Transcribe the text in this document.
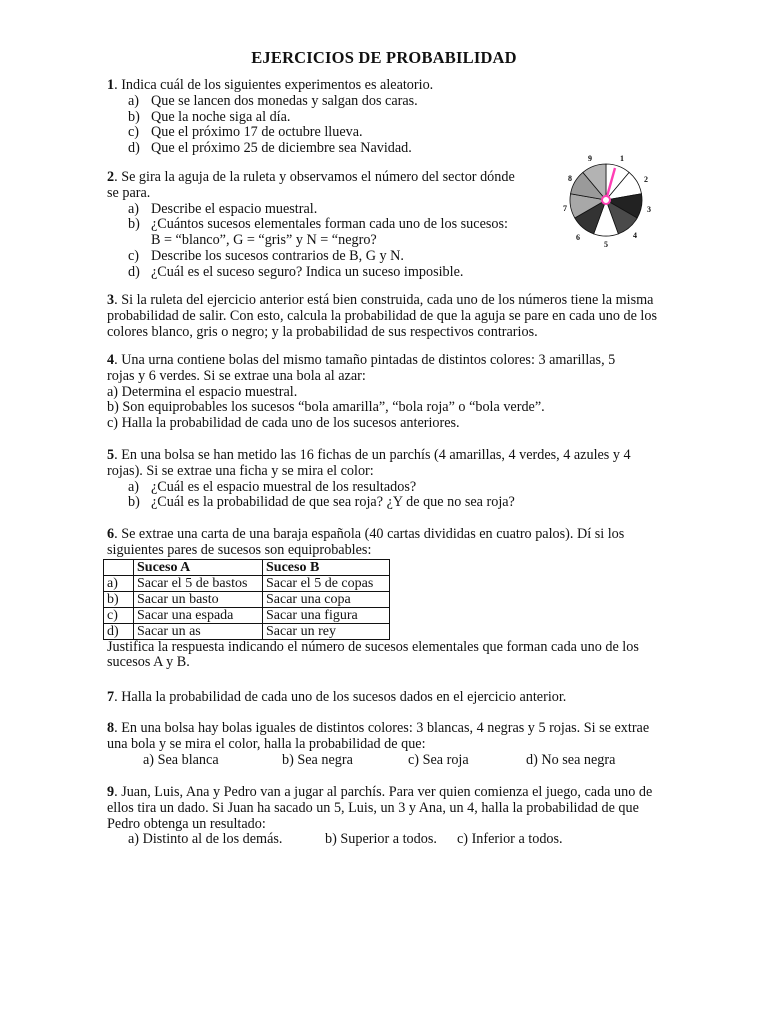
EJERCICIOS DE PROBABILIDAD

1. Indica cuál de los siguientes experimentos es aleatorio.

a) Que se lancen dos monedas y salgan dos caras.
b) Que la noche siga al día.
c) Que el próximo 17 de octubre llueva.
d) Que el próximo 25 de diciembre sea Navidad.

2. Se gira la aguja de la ruleta y observamos el número del sector dónde
se para.

a) Describe el espacio muestral.
b) ¿Cuántos sucesos elementales forman cada uno de los sucesos:
B = “blanco”, G = “gris” y N = “negro?
c) Describe los sucesos contrarios de B, G y N.
d) ¿Cuál es el suceso seguro? Indica un suceso imposible.
1
2
3
4
5
6
7
8
9

3. Si la ruleta del ejercicio anterior está bien construida, cada uno de los números tiene la misma probabilidad de salir. Con esto, calcula la probabilidad de que la aguja se pare en cada uno de los colores blanco, gris o negro; y la probabilidad de sus respectivos contrarios.

4. Una urna contiene bolas del mismo tamaño pintadas de distintos colores: 3 amarillas, 5 rojas y 6 verdes. Si se extrae una bola al azar:

a) Determina el espacio muestral.
b) Son equiprobables los sucesos “bola amarilla”, “bola roja” o “bola verde”.
c) Halla la probabilidad de cada uno de los sucesos anteriores.

5. En una bolsa se han metido las 16 fichas de un parchís (4 amarillas, 4 verdes, 4 azules y 4 rojas). Si se extrae una ficha y se mira el color:

a) ¿Cuál es el espacio muestral de los resultados?
b) ¿Cuál es la probabilidad de que sea roja? ¿Y de que no sea roja?

6. Se extrae una carta de una baraja española (40 cartas divididas en cuatro palos). Dí si los siguientes pares de sucesos son equiprobables:

	Suceso A	Suceso B
a)	Sacar el 5 de bastos	Sacar el 5 de copas
b)	Sacar un basto	Sacar una copa
c)	Sacar una espada	Sacar una figura
d)	Sacar un as	Sacar un rey

Justifica la respuesta indicando el número de sucesos elementales que forman cada uno de los sucesos A y B.

7. Halla la probabilidad de cada uno de los sucesos dados en el ejercicio anterior.

8. En una bolsa hay bolas iguales de distintos colores: 3 blancas, 4 negras y 5 rojas. Si se extrae una bola y se mira el color, halla la probabilidad de que:

a) Sea blanca	b) Sea negra	c) Sea roja	d) No sea negra

9. Juan, Luis, Ana y Pedro van a jugar al parchís. Para ver quien comienza el juego, cada uno de ellos tira un dado. Si Juan ha sacado un 5, Luis, un 3 y Ana, un 4, halla la probabilidad de que Pedro obtenga un resultado:

a) Distinto al de los demás.	b) Superior a todos.	c) Inferior a todos.
